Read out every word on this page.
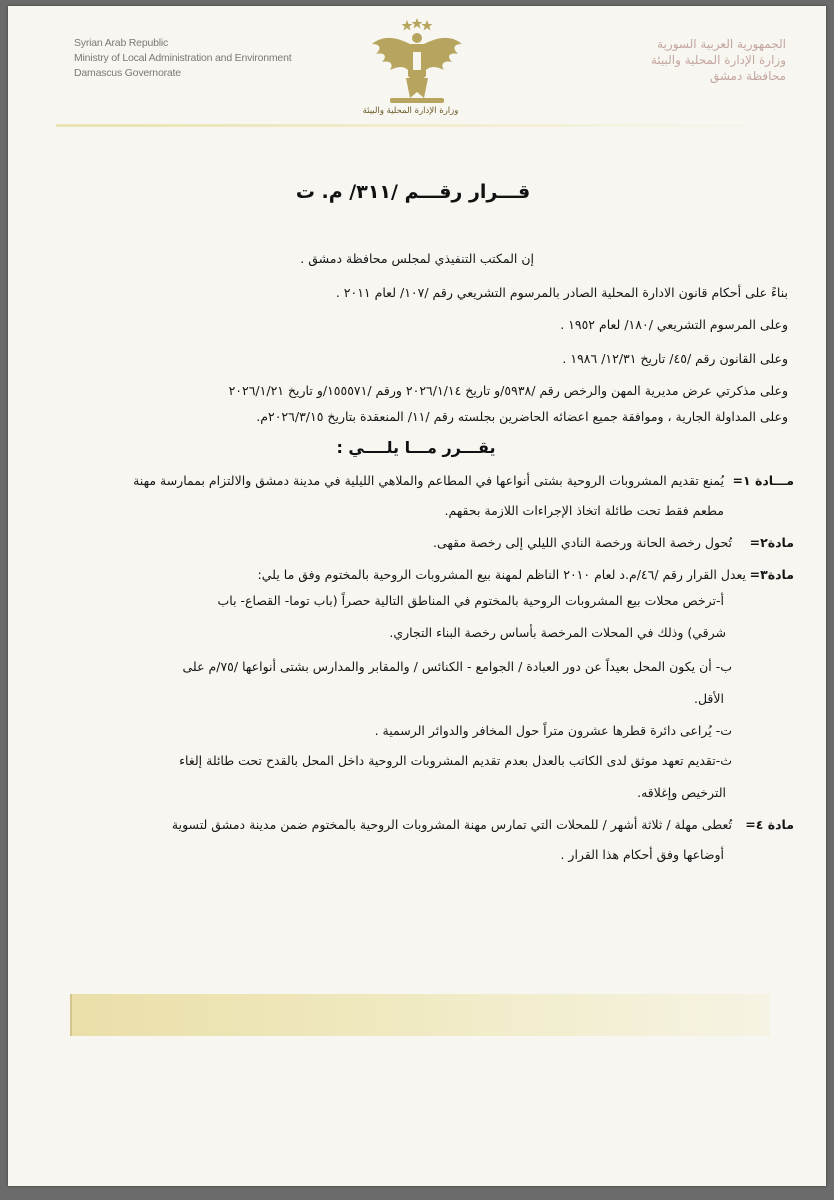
Syrian Arab Republic
Ministry of Local Administration and Environment
Damascus Governorate
وزارة الإدارة المحلية والبيئة
الجمهورية العربية السورية
وزارة الإدارة المحلية والبيئة
محافظة دمشق
قـــرار رقـــم /٣١١/ م. ت
إن المكتب التنفيذي لمجلس محافظة دمشق .
بناءً على أحكام قانون الادارة المحلية الصادر بالمرسوم التشريعي رقم /١٠٧/ لعام ٢٠١١ .
وعلى المرسوم التشريعي /١٨٠/ لعام ١٩٥٢ .
وعلى القانون رقم /٤٥/ تاريخ ١٢/٣١/ ١٩٨٦ .
وعلى مذكرتي عرض مديرية المهن والرخص رقم /٥٩٣٨/و تاريخ ٢٠٢٦/١/١٤ ورقم /١٥٥٥٧١/و تاريخ ٢٠٢٦/١/٢١
وعلى المداولة الجارية ، وموافقة جميع اعضائه الحاضرين بجلسته رقم /١١/ المنعقدة بتاريخ ٢٠٢٦/٣/١٥م.
يقـــرر مـــا يلــــي :
مـــادة ١=
يُمنع تقديم المشروبات الروحية بشتى أنواعها في المطاعم والملاهي الليلية في مدينة دمشق والالتزام بممارسة مهنة
مطعم فقط تحت طائلة اتخاذ الإجراءات اللازمة بحقهم.
مادة٢=
تُحول رخصة الحانة ورخصة النادي الليلي إلى رخصة مقهى.
مادة٣=
يعدل القرار رقم /٤٦/م.د لعام ٢٠١٠ الناظم لمهنة بيع المشروبات الروحية بالمختوم وفق ما يلي:
أ-ترخص محلات بيع المشروبات الروحية بالمختوم في المناطق التالية حصراً (باب توما- القصاع- باب
شرقي) وذلك في المحلات المرخصة بأساس رخصة البناء التجاري.
ب- أن يكون المحل بعيداً عن دور العبادة / الجوامع - الكنائس / والمقابر والمدارس بشتى أنواعها /٧٥/م على
الأقل.
ت- يُراعى دائرة قطرها عشرون متراً حول المخافر والدوائر الرسمية .
ث-تقديم تعهد موثق لدى الكاتب بالعدل بعدم تقديم المشروبات الروحية داخل المحل بالقدح تحت طائلة إلغاء
الترخيص وإغلاقه.
مادة ٤=
تُعطى مهلة / ثلاثة أشهر / للمحلات التي تمارس مهنة المشروبات الروحية بالمختوم ضمن مدينة دمشق لتسوية
أوضاعها وفق أحكام هذا القرار .
